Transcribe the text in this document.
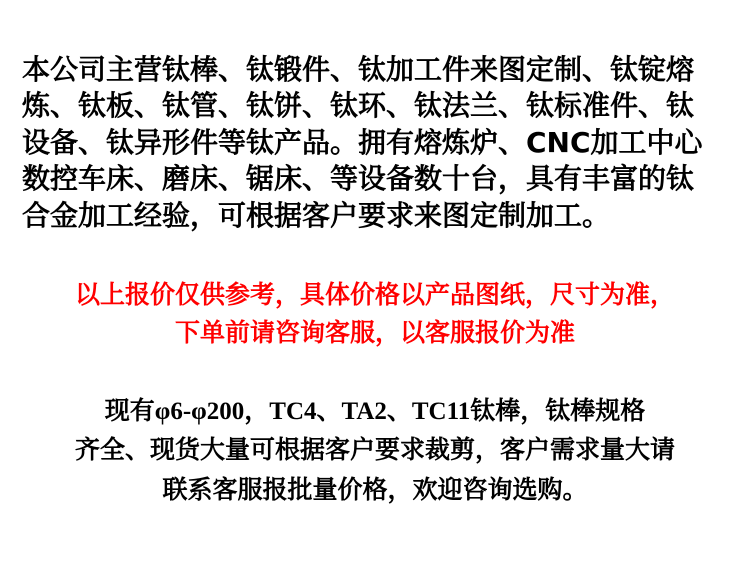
本公司主营钛棒、钛锻件、钛加工件来图定制、钛锭熔

炼、钛板、钛管、钛饼、钛环、钛法兰、钛标准件、钛

设备、钛异形件等钛产品。拥有熔炼炉、CNC加工中心

数控车床、磨床、锯床、等设备数十台，具有丰富的钛

合金加工经验，可根据客户要求来图定制加工。

以上报价仅供参考，具体价格以产品图纸，尺寸为准，

下单前请咨询客服，以客服报价为准

现有φ6-φ200，TC4、TA2、TC11钛棒，钛棒规格

齐全、现货大量可根据客户要求裁剪，客户需求量大请

联系客服报批量价格，欢迎咨询选购。
